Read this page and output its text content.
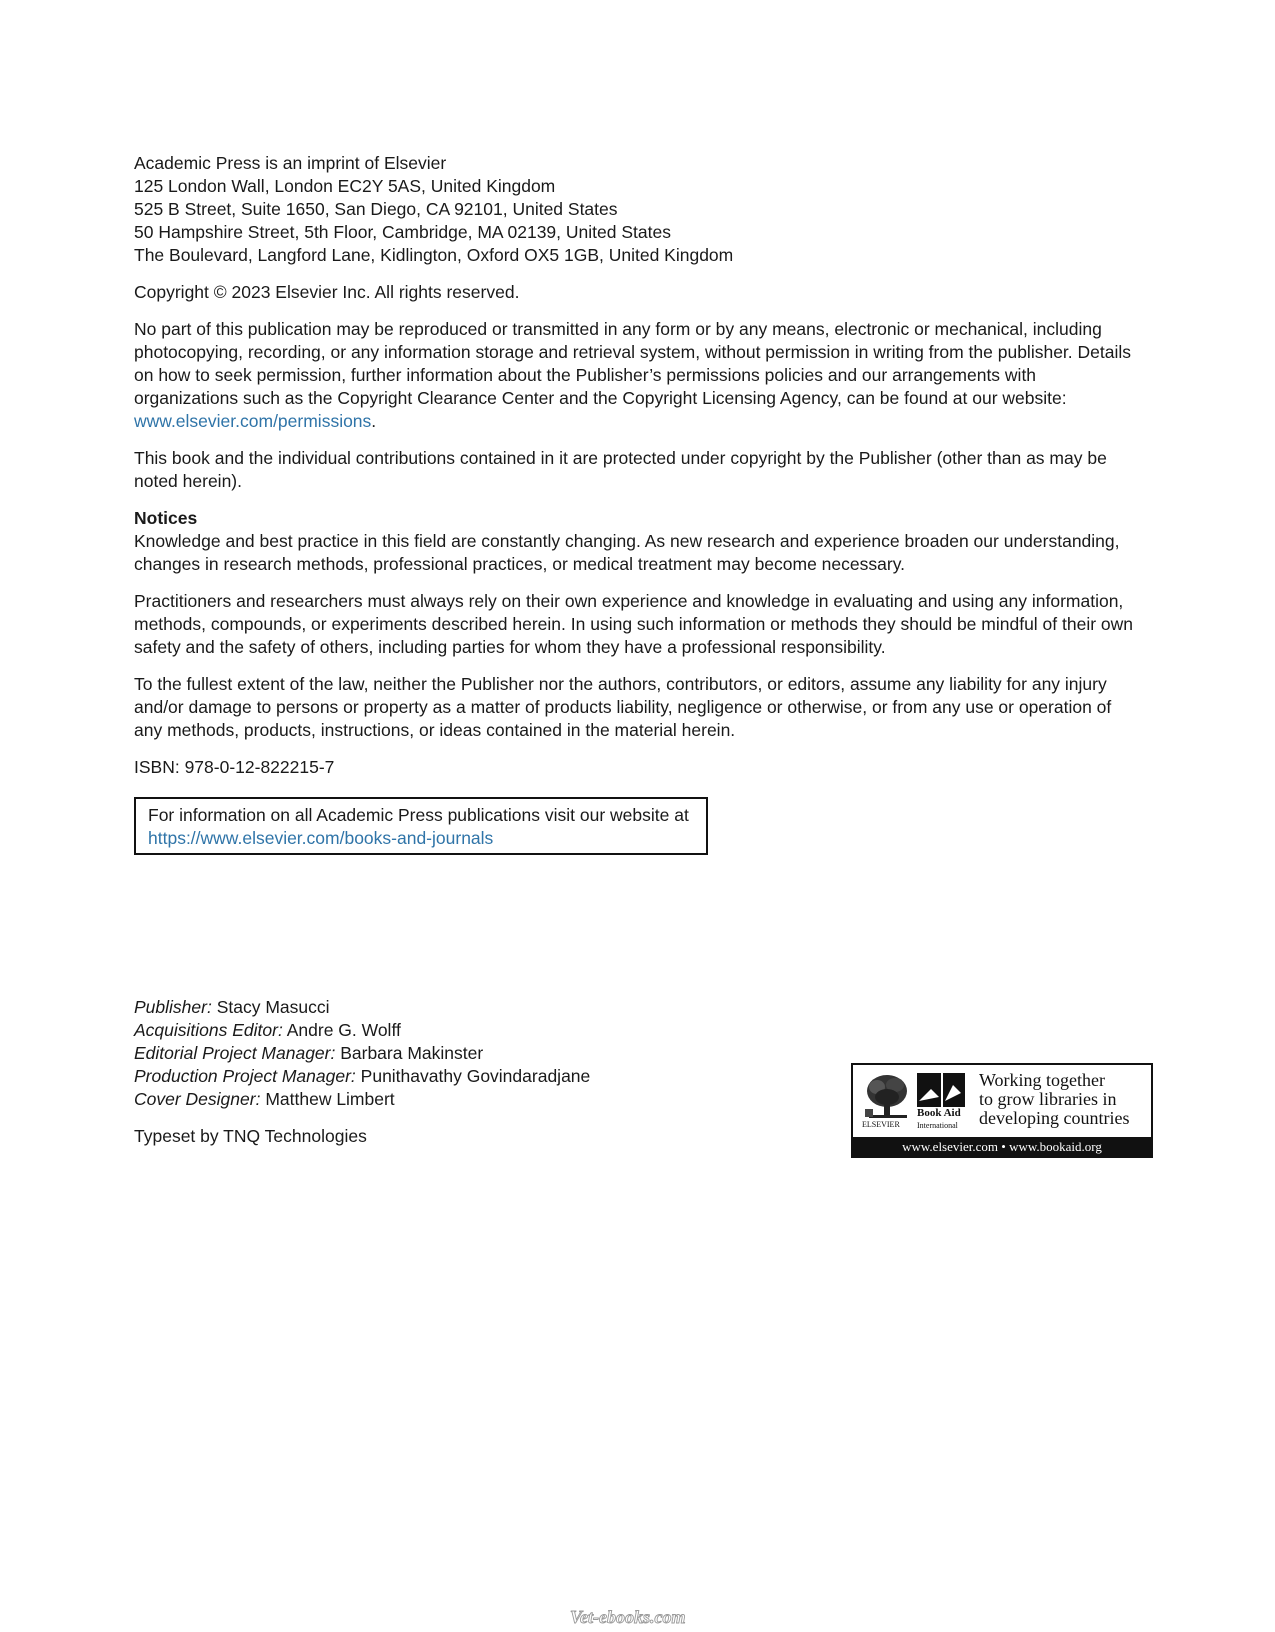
Academic Press is an imprint of Elsevier
125 London Wall, London EC2Y 5AS, United Kingdom
525 B Street, Suite 1650, San Diego, CA 92101, United States
50 Hampshire Street, 5th Floor, Cambridge, MA 02139, United States
The Boulevard, Langford Lane, Kidlington, Oxford OX5 1GB, United Kingdom

Copyright © 2023 Elsevier Inc. All rights reserved.

No part of this publication may be reproduced or transmitted in any form or by any means, electronic or mechanical, including photocopying, recording, or any information storage and retrieval system, without permission in writing from the publisher. Details on how to seek permission, further information about the Publisher’s permissions policies and our arrangements with organizations such as the Copyright Clearance Center and the Copyright Licensing Agency, can be found at our website: www.elsevier.com/permissions.

This book and the individual contributions contained in it are protected under copyright by the Publisher (other than as may be noted herein).

Notices
Knowledge and best practice in this field are constantly changing. As new research and experience broaden our understanding, changes in research methods, professional practices, or medical treatment may become necessary.

Practitioners and researchers must always rely on their own experience and knowledge in evaluating and using any information, methods, compounds, or experiments described herein. In using such information or methods they should be mindful of their own safety and the safety of others, including parties for whom they have a professional responsibility.

To the fullest extent of the law, neither the Publisher nor the authors, contributors, or editors, assume any liability for any injury and/or damage to persons or property as a matter of products liability, negligence or otherwise, or from any use or operation of any methods, products, instructions, or ideas contained in the material herein.

ISBN: 978-0-12-822215-7

For information on all Academic Press publications visit our website at
https://www.elsevier.com/books-and-journals
Publisher: Stacy Masucci
Acquisitions Editor: Andre G. Wolff
Editorial Project Manager: Barbara Makinster
Production Project Manager: Punithavathy Govindaradjane
Cover Designer: Matthew Limbert
Typeset by TNQ Technologies
ELSEVIER
Book Aid
International
Working together
to grow libraries in
developing countries
www.elsevier.com • www.bookaid.org
Vet-ebooks.com
